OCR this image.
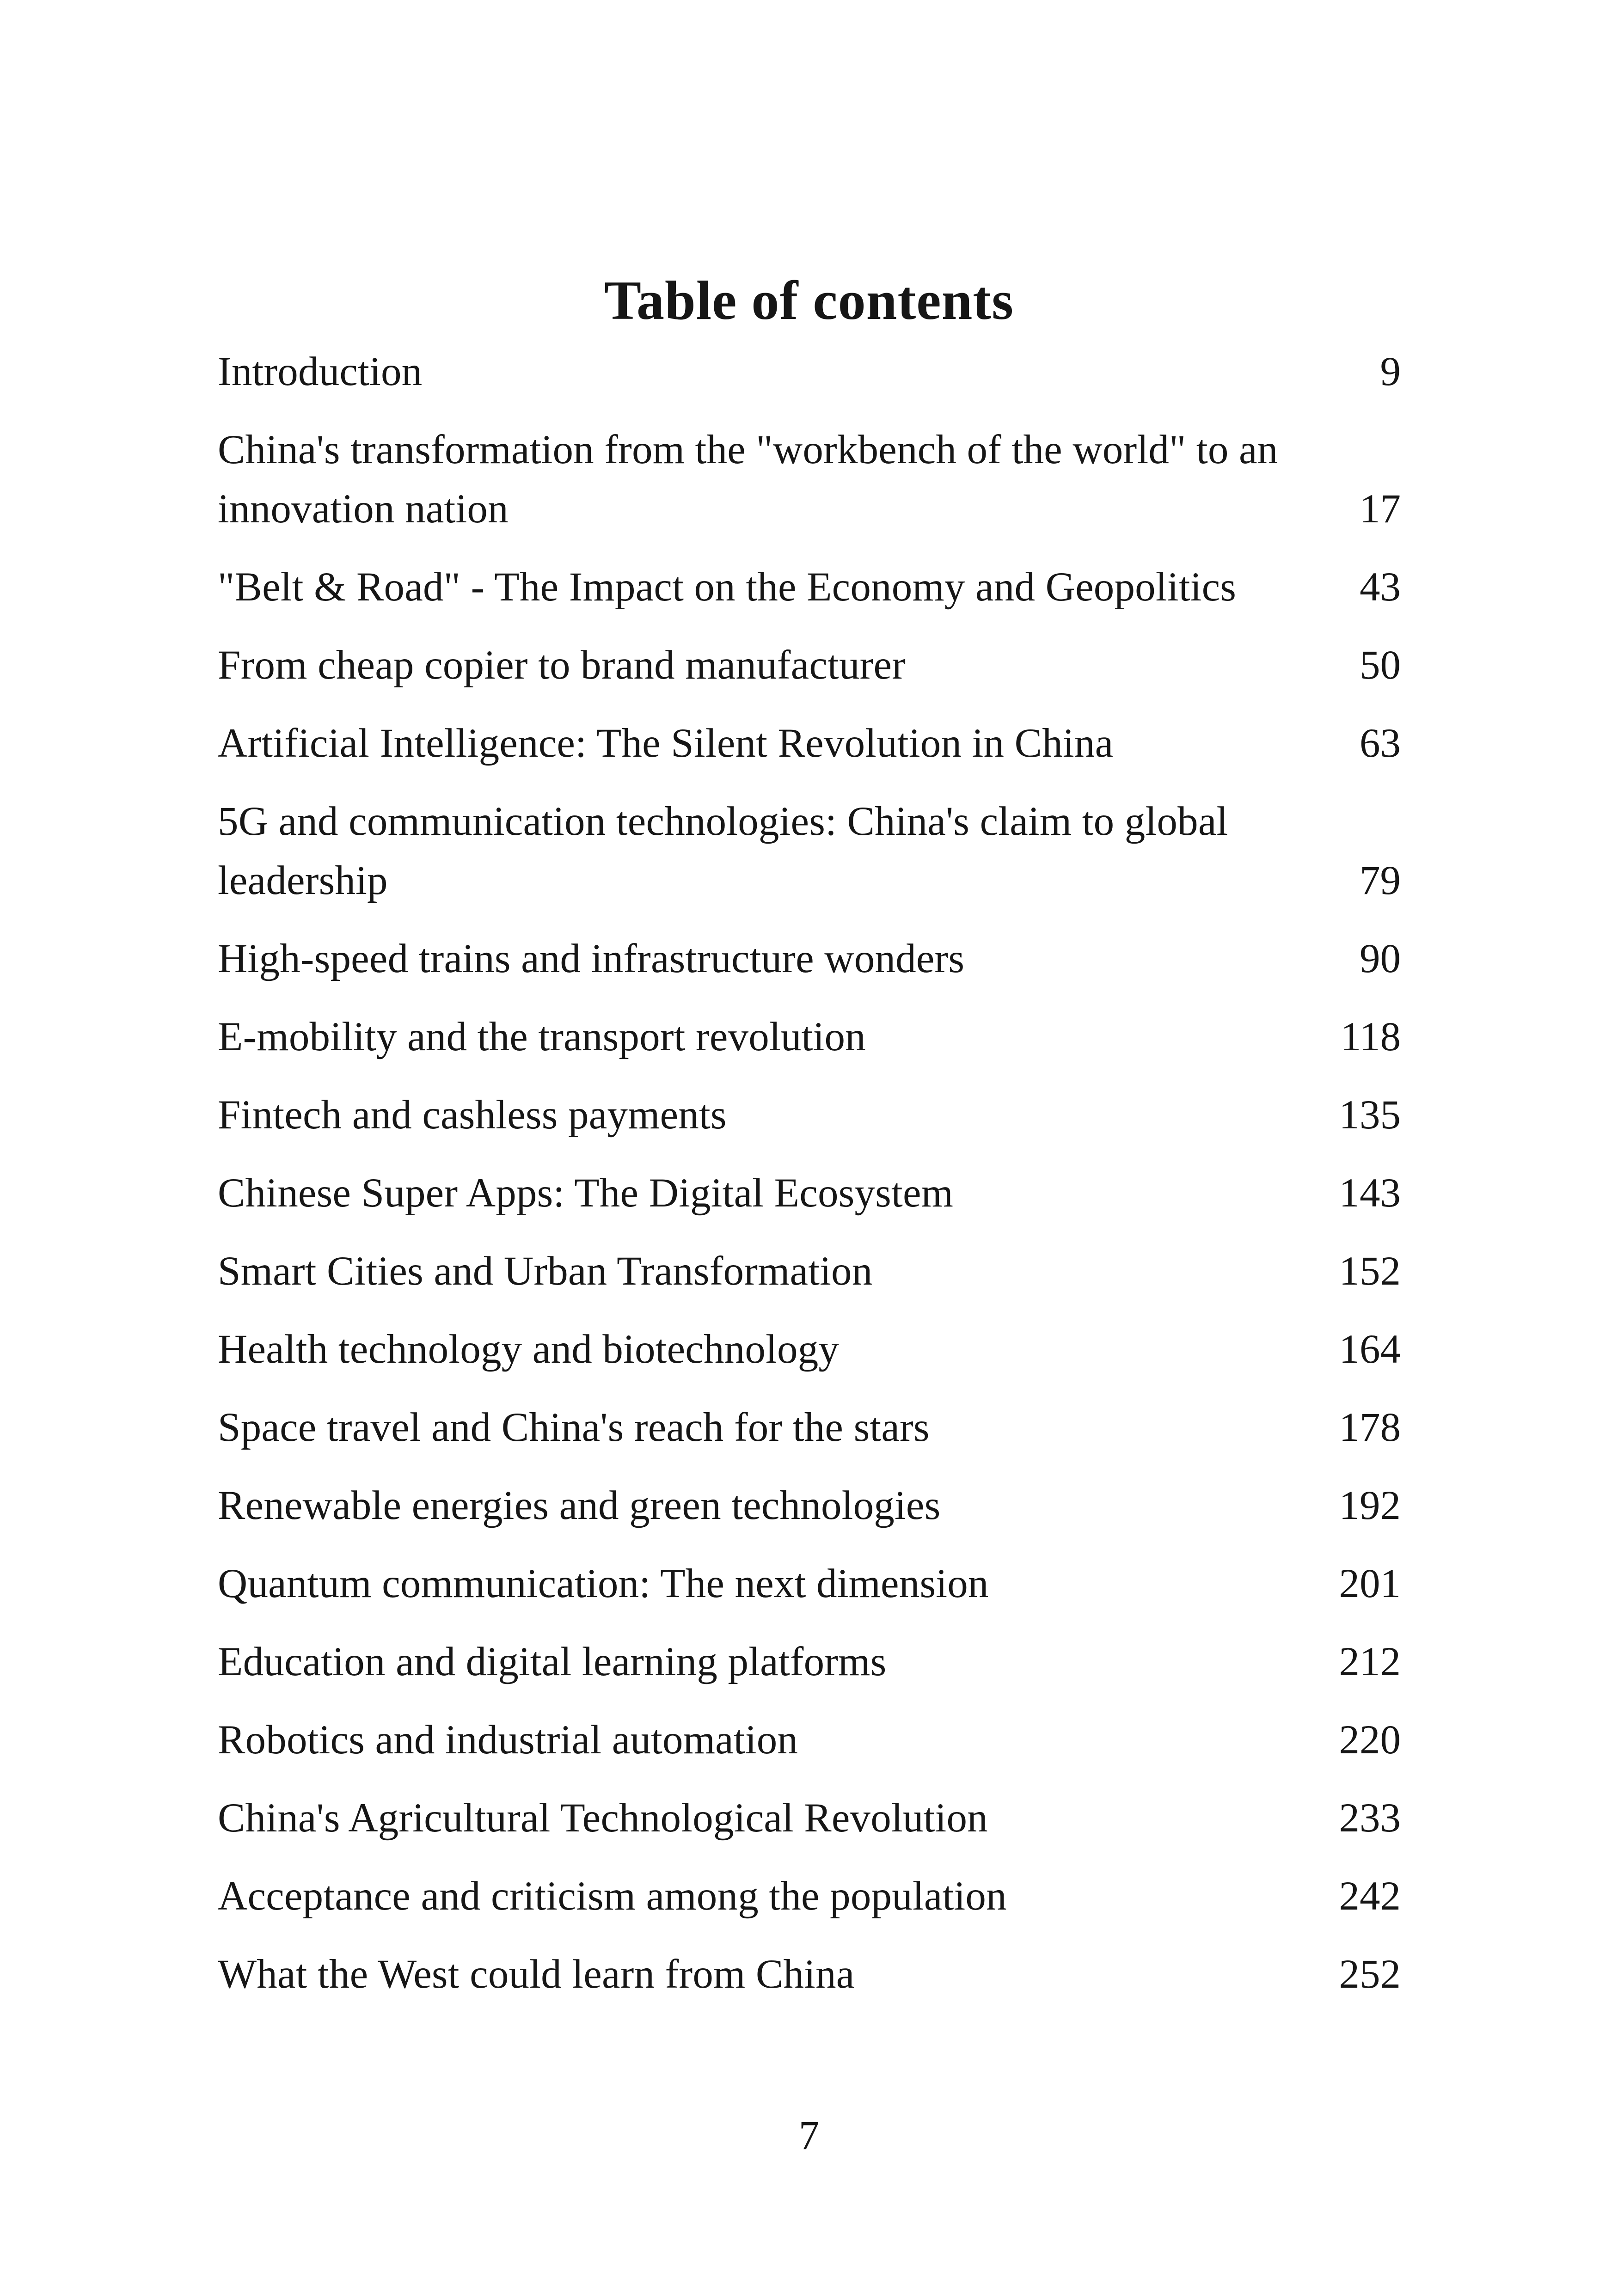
Table of contents
Introduction	9
China's transformation from the "workbench of the world" to an innovation nation	17
"Belt & Road" - The Impact on the Economy and Geopolitics	43
From cheap copier to brand manufacturer	50
Artificial Intelligence: The Silent Revolution in China	63
5G and communication technologies: China's claim to global leadership	79
High-speed trains and infrastructure wonders	90
E-mobility and the transport revolution	118
Fintech and cashless payments	135
Chinese Super Apps: The Digital Ecosystem	143
Smart Cities and Urban Transformation	152
Health technology and biotechnology	164
Space travel and China's reach for the stars	178
Renewable energies and green technologies	192
Quantum communication: The next dimension	201
Education and digital learning platforms	212
Robotics and industrial automation	220
China's Agricultural Technological Revolution	233
Acceptance and criticism among the population	242
What the West could learn from China	252
7
